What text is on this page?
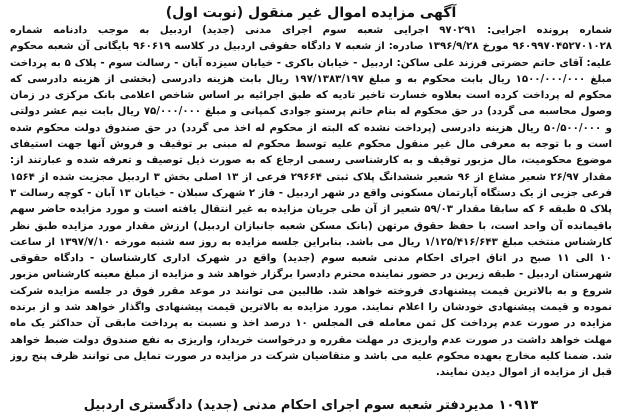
آگهی مزایده اموال غیر منقول (نوبت اول)

شماره پرونده اجرایی: ۹۷۰۲۹۱ اجرایی شعبه سوم اجرای مدنی (جدید) اردبیل به موجب دادنامه شماره ۹۶۰۹۹۷۰۴۵۲۷۰۱۰۲۸ مورخ ۱۳۹۶/۹/۲۸ صادره: از شعبه ۷ دادگاه حقوقی اردبیل در کلاسه ۹۶۰۶۱۹ بایگانی آن شعبه محکوم علیه: آقای حاتم حضرتی فرزند علی ساکن: اردبیل - خیابان باکری - خیابان سیزده آبان - رسالت سوم - پلاک ۵ به پرداخت مبلغ ۱۵۰۰/۰۰۰/۰۰۰ ریال بابت محکوم به و مبلغ ۱۹۷/۱۳۸۳/۱۹۷ ریال بابت هزینه دادرسی (بخشی از هزینه دادرسی که محکوم له پرداخت کرده است بعلاوه خسارت تاخیر تادیه که طبق اجرائیه بر اساس شاخص اعلامی بانک مرکزی در زمان وصول محاسبه می گردد) در حق محکوم له بنام حاتم پرستو جوادی کمپانی و مبلغ ۷۵/۰۰۰/۰۰۰ ریال بابت نیم عشر دولتی و ۵۰/۵۰۰/۰۰۰ ریال هزینه دادرسی (پرداخت نشده که البته از محکوم له اخذ می گردد) در حق صندوق دولت محکوم شده است و با توجه به معرفی مال غیر منقول محکوم علیه توسط محکوم له مبنی بر توقیف و فروش آنها جهت استیفای موضوع محکومیت، مال مزبور توقیف و به کارشناسی رسمی ارجاع که به صورت ذیل توصیف و تعرفه شده و عبارتند از: مقدار ۲۶/۹۷ شعیر مشاع از ۹۶ شعیر ششدانگ پلاک ثبتی ۲۹۶۶۴ فرعی از ۱۳ اصلی بخش ۳ اردبیل مجزیت شده از ۱۵۶۴ فرعی جزیی از یک دستگاه آپارتمان مسکونی واقع در شهر اردبیل - فاز ۲ شهرک سبلان - خیابان ۱۳ آبان - کوچه رسالت ۳ پلاک ۵ طبقه ۶ که سابقا مقدار ۵۹/۰۳ شعیر از آن طی جریان مزایده به غیر انتقال یافته است و مورد مزایده حاضر سهم باقیمانده آن واحد است، با حفظ حقوق مرتهن (بانک مسکن شعبه جانبازان اردبیل) ارزش مقدار مورد مزایده طبق نظر کارشناس منتخب مبلغ ۱/۱۲۵/۴۱۶/۶۴۳ ریال می باشد. بنابراین جلسه مزایده به روز سه شنبه مورخه ۱۳۹۷/۷/۱۰ از ساعت ۱۰ الی ۱۱ صبح در اتاق اجرای احکام مدنی شعبه سوم (جدید) واقع در شهرک اداری کارشناسان - دادگاه حقوقی شهرستان اردبیل - طبقه زیرین در حضور نماینده محترم دادسرا برگزار خواهد شد و مزایده از مبلغ معینه کارشناس مزبور شروع و به بالاترین قیمت پیشنهادی فروخته خواهد شد. طالبین می توانند در موعد مقرر فوق در جلسه مزایده شرکت نموده و قیمت پیشنهادی خودشان را اعلام نمایند. مورد مزایده به بالاترین قیمت پیشنهادی واگذار خواهد شد و از برنده مزایده در صورت عدم پرداخت کل ثمن معامله فی المجلس ۱۰ درصد اخذ و نسبت به پرداخت مابقی آن حداکثر یک ماه مهلت خواهد داشت در صورت عدم واریزی در مهلت مقرره و درخواست خریدار، واریزی به نفع صندوق دولت ضبط خواهد شد. ضمنا کلیه مخارج بعهده محکوم علیه می باشد و متقاضیان شرکت در مزایده در صورت تمایل می توانند ظرف پنج روز قبل از مزایده از اموال دیدن نمایند.

۱۰۹۱۳ مدیردفتر شعبه سوم اجرای احکام مدنی (جدید) دادگستری اردبیل
